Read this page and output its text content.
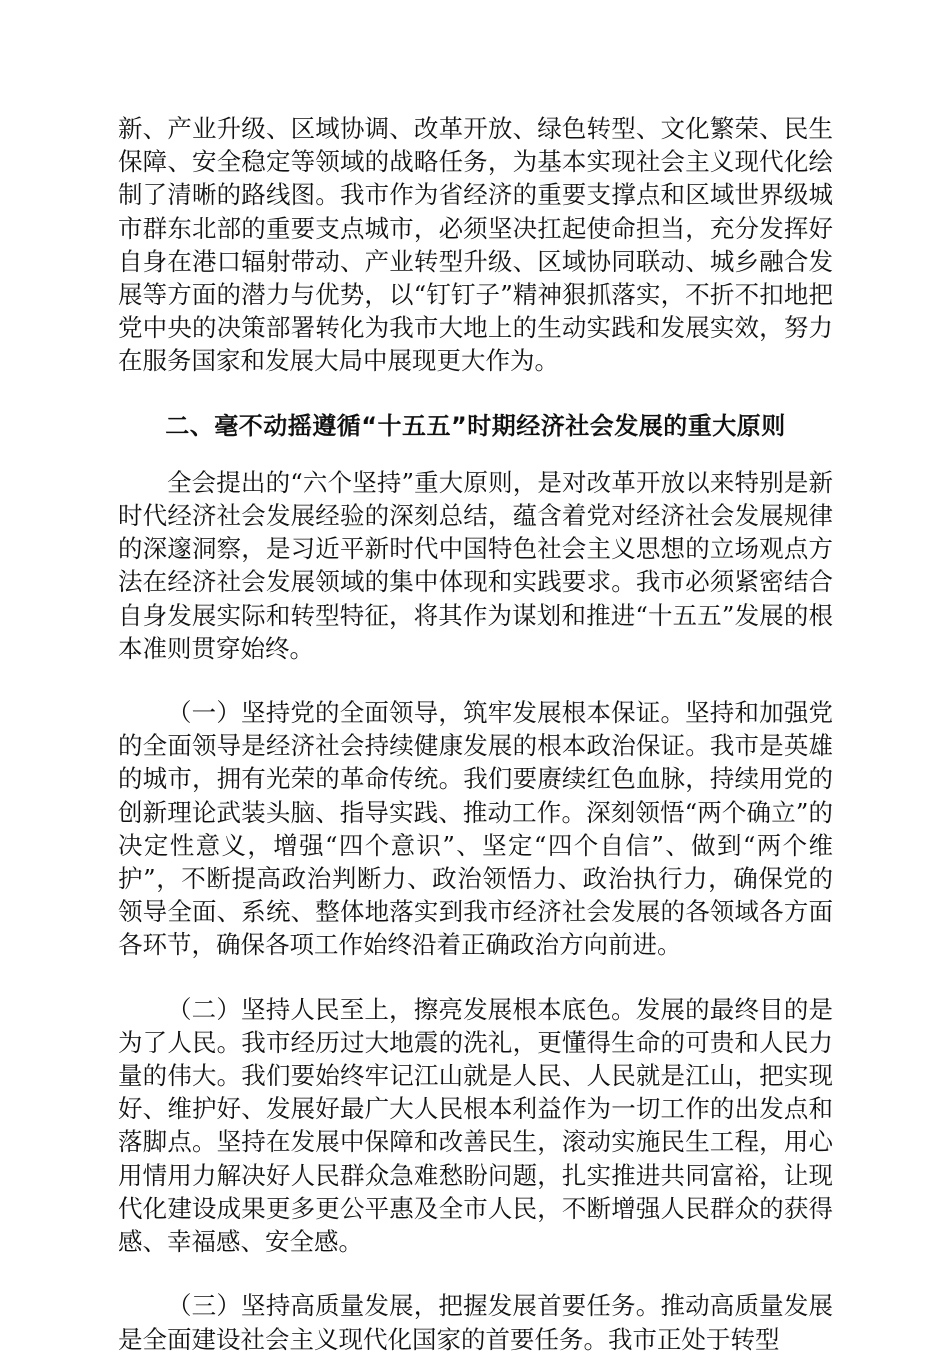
新、产业升级、区域协调、改革开放、绿色转型、文化繁荣、民生保障、安全稳定等领域的战略任务，为基本实现社会主义现代化绘制了清晰的路线图。我市作为省经济的重要支撑点和区域世界级城市群东北部的重要支点城市，必须坚决扛起使命担当，充分发挥好自身在港口辐射带动、产业转型升级、区域协同联动、城乡融合发展等方面的潜力与优势，以“钉钉子”精神狠抓落实，不折不扣地把党中央的决策部署转化为我市大地上的生动实践和发展实效，努力在服务国家和发展大局中展现更大作为。

二、毫不动摇遵循“十五五”时期经济社会发展的重大原则

全会提出的“六个坚持”重大原则，是对改革开放以来特别是新时代经济社会发展经验的深刻总结，蕴含着党对经济社会发展规律的深邃洞察，是习近平新时代中国特色社会主义思想的立场观点方法在经济社会发展领域的集中体现和实践要求。我市必须紧密结合自身发展实际和转型特征，将其作为谋划和推进“十五五”发展的根本准则贯穿始终。

（一）坚持党的全面领导，筑牢发展根本保证。坚持和加强党的全面领导是经济社会持续健康发展的根本政治保证。我市是英雄的城市，拥有光荣的革命传统。我们要赓续红色血脉，持续用党的创新理论武装头脑、指导实践、推动工作。深刻领悟“两个确立”的决定性意义，增强“四个意识”、坚定“四个自信”、做到“两个维护”，不断提高政治判断力、政治领悟力、政治执行力，确保党的领导全面、系统、整体地落实到我市经济社会发展的各领域各方面各环节，确保各项工作始终沿着正确政治方向前进。

（二）坚持人民至上，擦亮发展根本底色。发展的最终目的是为了人民。我市经历过大地震的洗礼，更懂得生命的可贵和人民力量的伟大。我们要始终牢记江山就是人民、人民就是江山，把实现好、维护好、发展好最广大人民根本利益作为一切工作的出发点和落脚点。坚持在发展中保障和改善民生，滚动实施民生工程，用心用情用力解决好人民群众急难愁盼问题，扎实推进共同富裕，让现代化建设成果更多更公平惠及全市人民，不断增强人民群众的获得感、幸福感、安全感。

（三）坚持高质量发展，把握发展首要任务。推动高质量发展是全面建设社会主义现代化国家的首要任务。我市正处于转型
